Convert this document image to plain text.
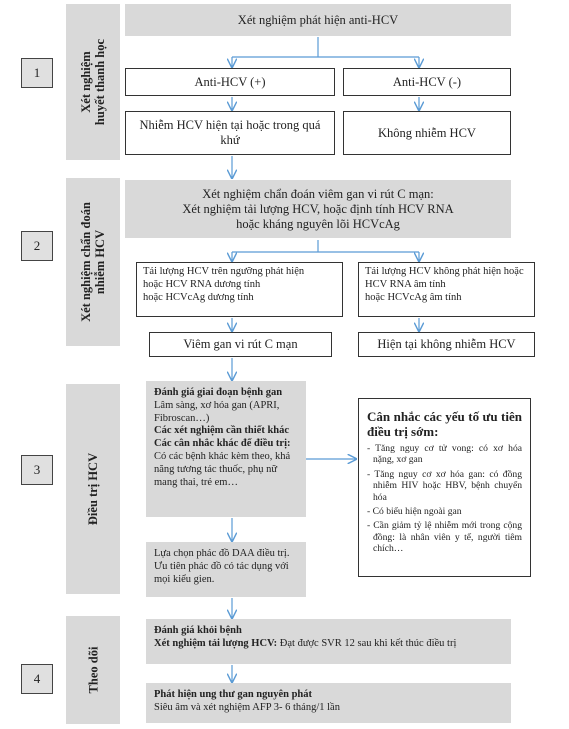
Xét nghiệm
huyết thanh học
Xét nghiệm chẩn đoán
nhiễm HCV
Điều trị HCV
Theo dõi
1
2
3
4
Xét nghiệm phát hiện anti-HCV
Anti-HCV (+)	Anti-HCV (-)
Nhiễm HCV hiện tại hoặc trong quá khứ
Không nhiễm HCV
Xét nghiệm chẩn đoán viêm gan vi rút C mạn:
Xét nghiệm tải lượng HCV, hoặc định tính HCV RNA
hoặc kháng nguyên lõi HCVcAg
Tải lượng HCV trên ngưỡng phát hiện
hoặc HCV RNA dương tính
hoặc HCVcAg dương tính
Tải lượng HCV không phát hiện hoặc
HCV RNA âm tính
hoặc HCVcAg âm tính
Viêm gan vi rút C mạn	Hiện tại không nhiễm HCV
Đánh giá giai đoạn bệnh gan
Lâm sàng, xơ hóa gan (APRI, Fibroscan…)
Các xét nghiệm cần thiết khác
Các cân nhắc khác để điều trị:
Có các bệnh khác kèm theo, khả năng tương tác thuốc, phụ nữ mang thai, trẻ em…
Lựa chọn phác đồ DAA điều trị. Ưu tiên phác đồ có tác dụng với mọi kiểu gien.
Cân nhắc các yếu tố ưu tiên điều trị sớm:
- Tăng nguy cơ tử vong: có xơ hóa nặng, xơ gan
- Tăng nguy cơ xơ hóa gan: có đồng nhiễm HIV hoặc HBV, bệnh chuyển hóa
- Có biểu hiện ngoài gan
- Cần giảm tỷ lệ nhiễm mới trong cộng đồng: là nhân viên y tế, người tiêm chích…
Đánh giá khỏi bệnh
Xét nghiệm tải lượng HCV: Đạt được SVR 12 sau khi kết thúc điều trị
Phát hiện ung thư gan nguyên phát
Siêu âm và xét nghiệm AFP 3- 6 tháng/1 lần
